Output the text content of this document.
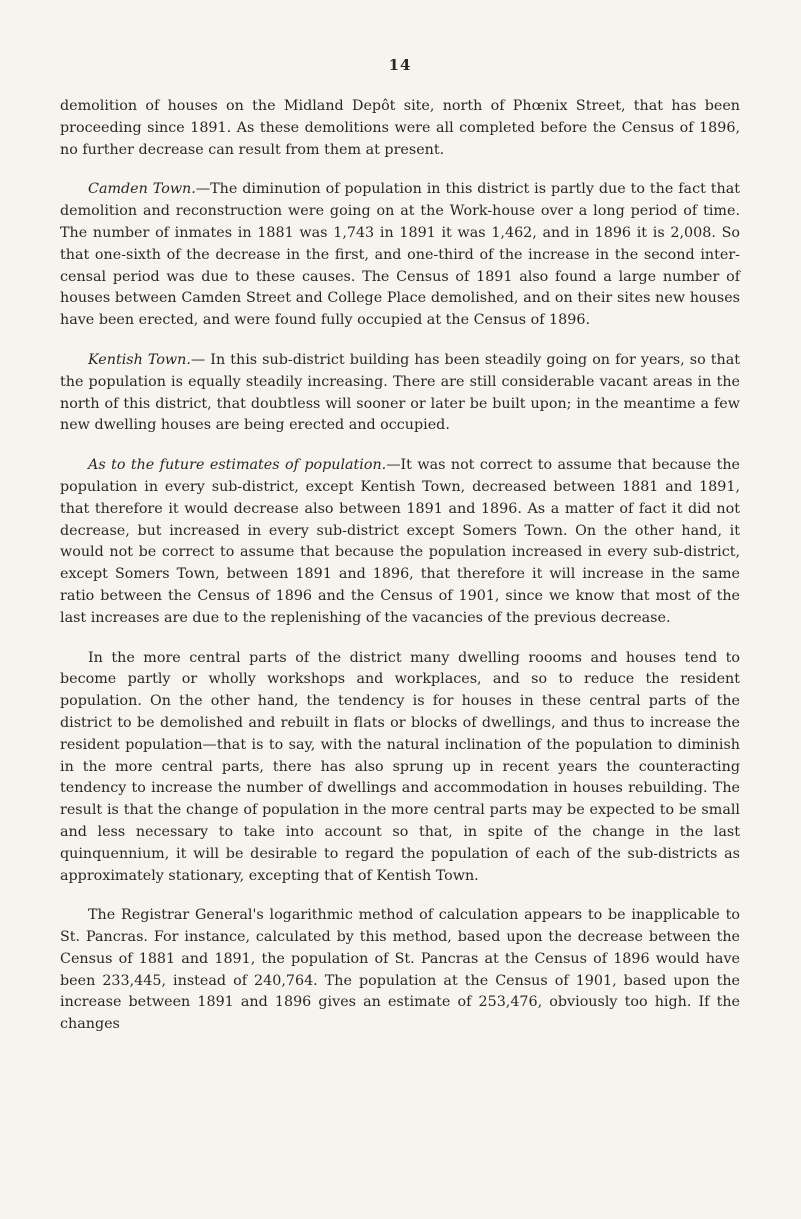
14

demolition of houses on the Midland Depôt site, north of Phœnix Street, that has been proceeding since 1891. As these demolitions were all completed before the Census of 1896, no further decrease can result from them at present.

Camden Town.—The diminution of population in this district is partly due to the fact that demolition and reconstruction were going on at the Work-house over a long period of time. The number of inmates in 1881 was 1,743 in 1891 it was 1,462, and in 1896 it is 2,008. So that one-sixth of the decrease in the first, and one-third of the increase in the second inter-censal period was due to these causes. The Census of 1891 also found a large number of houses between Camden Street and College Place demolished, and on their sites new houses have been erected, and were found fully occupied at the Census of 1896.

Kentish Town.— In this sub-district building has been steadily going on for years, so that the population is equally steadily increasing. There are still considerable vacant areas in the north of this district, that doubtless will sooner or later be built upon; in the meantime a few new dwelling houses are being erected and occupied.

As to the future estimates of population.—It was not correct to assume that because the population in every sub-district, except Kentish Town, decreased between 1881 and 1891, that therefore it would decrease also between 1891 and 1896. As a matter of fact it did not decrease, but increased in every sub-district except Somers Town. On the other hand, it would not be correct to assume that because the population increased in every sub-district, except Somers Town, between 1891 and 1896, that therefore it will increase in the same ratio between the Census of 1896 and the Census of 1901, since we know that most of the last increases are due to the replenishing of the vacancies of the previous decrease.

In the more central parts of the district many dwelling roooms and houses tend to become partly or wholly workshops and workplaces, and so to reduce the resident population. On the other hand, the tendency is for houses in these central parts of the district to be demolished and rebuilt in flats or blocks of dwellings, and thus to increase the resident population—that is to say, with the natural inclination of the population to diminish in the more central parts, there has also sprung up in recent years the counteracting tendency to increase the number of dwellings and accommodation in houses rebuilding. The result is that the change of population in the more central parts may be expected to be small and less necessary to take into account so that, in spite of the change in the last quinquennium, it will be desirable to regard the population of each of the sub-districts as approximately stationary, excepting that of Kentish Town.

The Registrar General's logarithmic method of calculation appears to be inapplicable to St. Pancras. For instance, calculated by this method, based upon the decrease between the Census of 1881 and 1891, the population of St. Pancras at the Census of 1896 would have been 233,445, instead of 240,764. The population at the Census of 1901, based upon the increase between 1891 and 1896 gives an estimate of 253,476, obviously too high. If the changes
